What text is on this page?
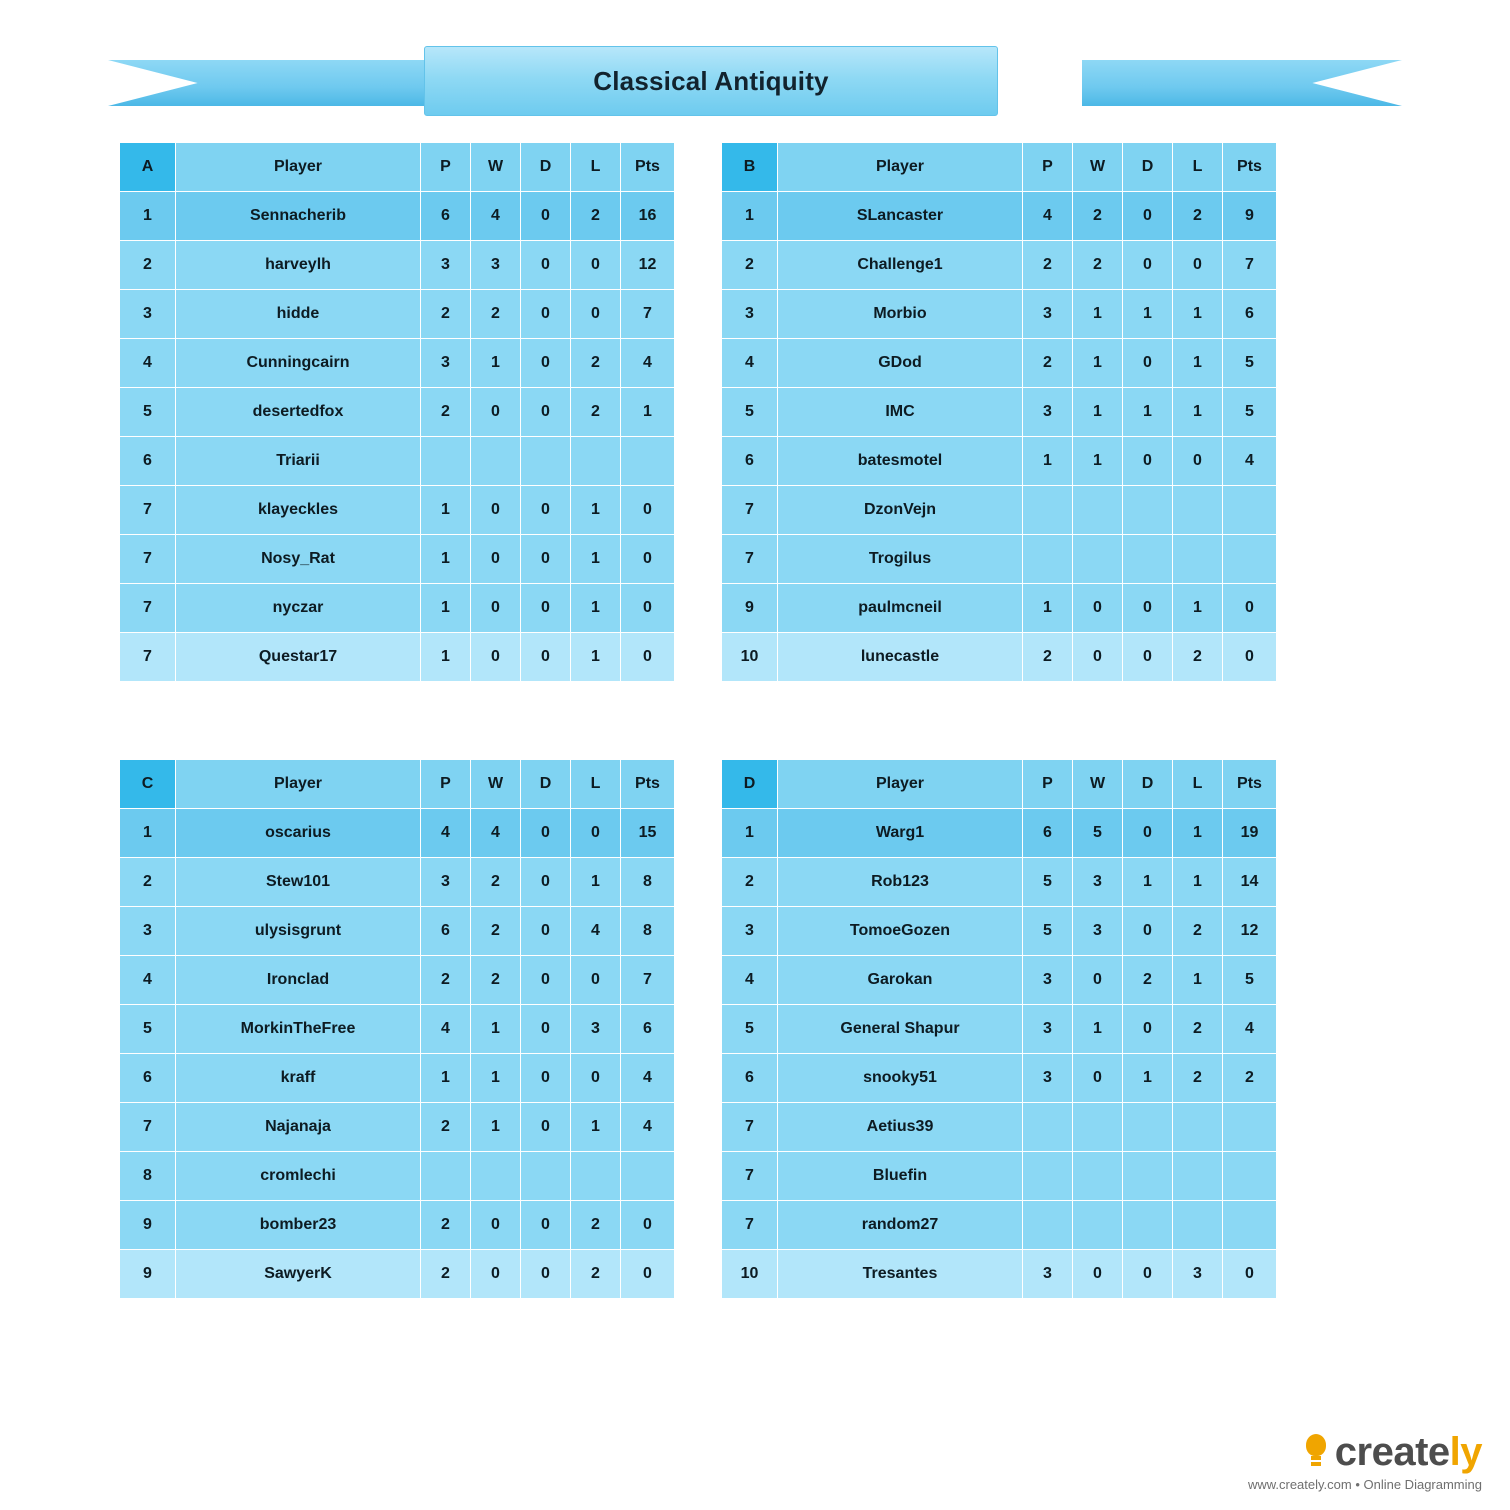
Classical Antiquity
A	Player	P	W	D	L	Pts
1	Sennacherib	6	4	0	2	16
2	harveylh	3	3	0	0	12
3	hidde	2	2	0	0	7
4	Cunningcairn	3	1	0	2	4
5	desertedfox	2	0	0	2	1
6	Triarii					
7	klayeckles	1	0	0	1	0
7	Nosy_Rat	1	0	0	1	0
7	nyczar	1	0	0	1	0
7	Questar17	1	0	0	1	0
B	Player	P	W	D	L	Pts
1	SLancaster	4	2	0	2	9
2	Challenge1	2	2	0	0	7
3	Morbio	3	1	1	1	6
4	GDod	2	1	0	1	5
5	IMC	3	1	1	1	5
6	batesmotel	1	1	0	0	4
7	DzonVejn					
7	Trogilus					
9	paulmcneil	1	0	0	1	0
10	lunecastle	2	0	0	2	0
C	Player	P	W	D	L	Pts
1	oscarius	4	4	0	0	15
2	Stew101	3	2	0	1	8
3	ulysisgrunt	6	2	0	4	8
4	Ironclad	2	2	0	0	7
5	MorkinTheFree	4	1	0	3	6
6	kraff	1	1	0	0	4
7	Najanaja	2	1	0	1	4
8	cromlechi					
9	bomber23	2	0	0	2	0
9	SawyerK	2	0	0	2	0
D	Player	P	W	D	L	Pts
1	Warg1	6	5	0	1	19
2	Rob123	5	3	1	1	14
3	TomoeGozen	5	3	0	2	12
4	Garokan	3	0	2	1	5
5	General Shapur	3	1	0	2	4
6	snooky51	3	0	1	2	2
7	Aetius39					
7	Bluefin					
7	random27					
10	Tresantes	3	0	0	3	0
creately
www.creately.com • Online Diagramming
